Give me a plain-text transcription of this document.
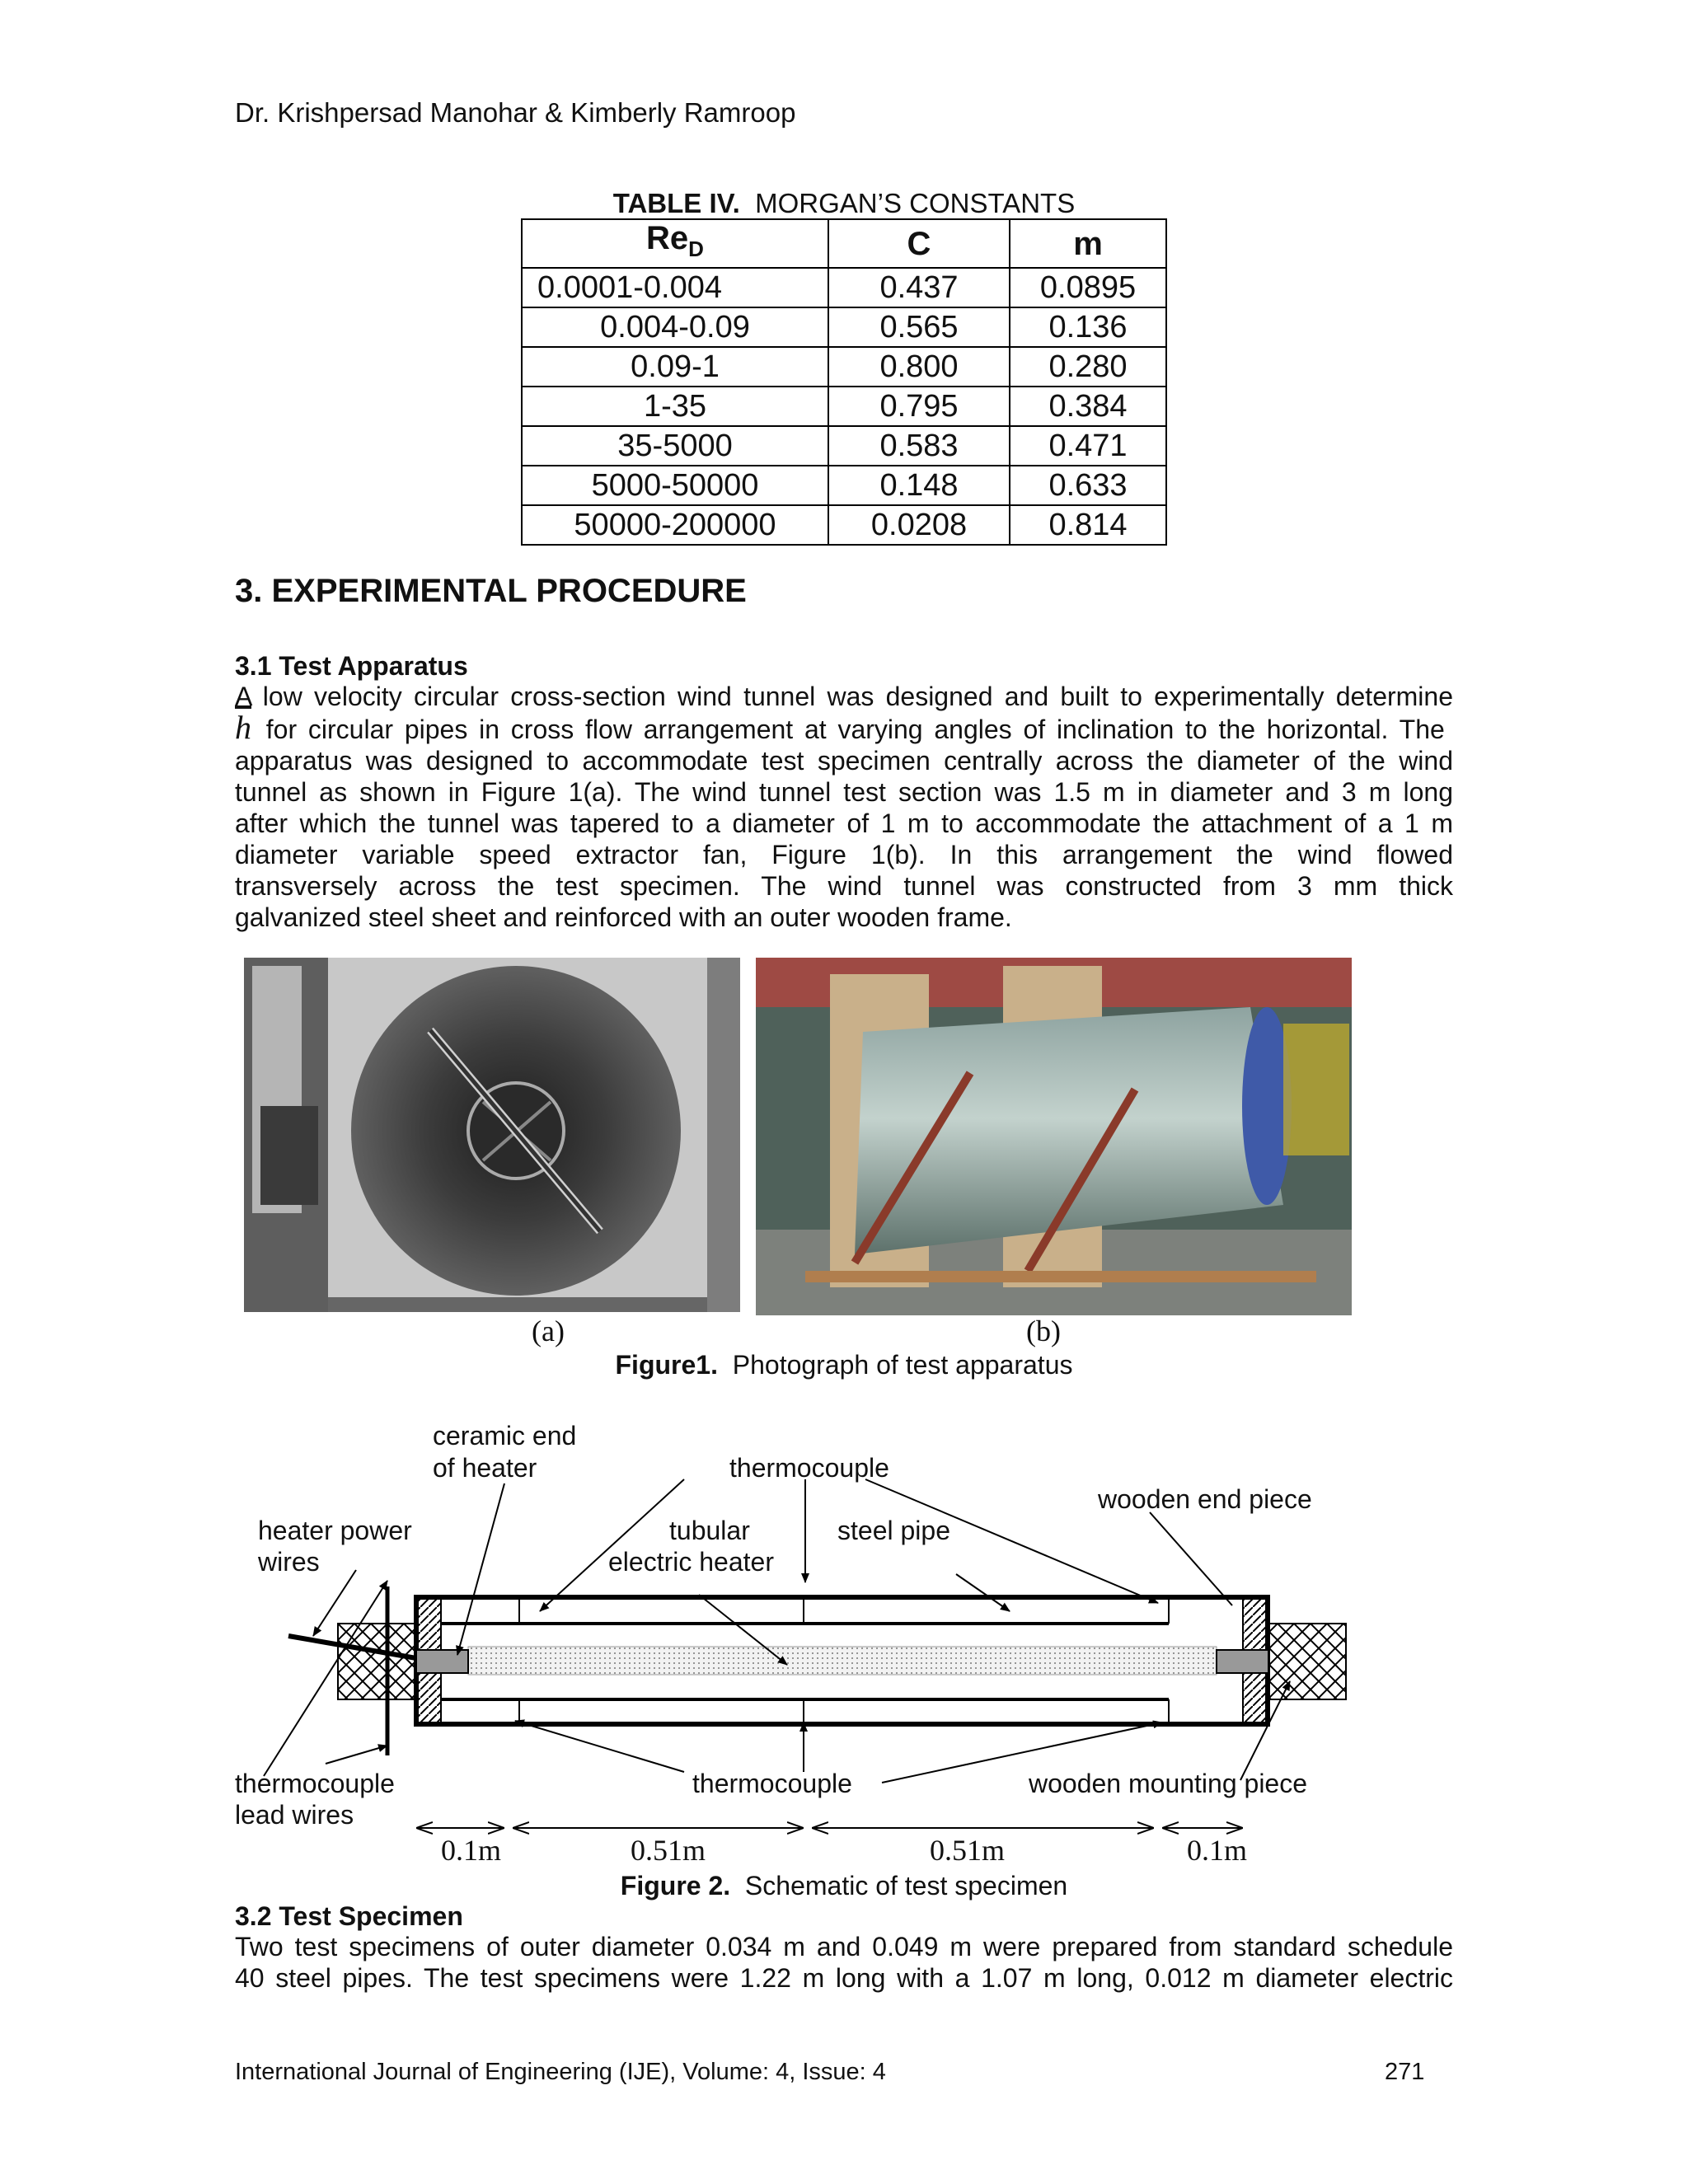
Dr. Krishpersad Manohar & Kimberly Ramroop
TABLE IV. MORGAN’S CONSTANTS
$Re_D$	C	m
0.0001-0.004	0.437	0.0895
0.004-0.09	0.565	0.136
0.09-1	0.800	0.280
1-35	0.795	0.384
35-5000	0.583	0.471
5000-50000	0.148	0.633
50000-200000	0.0208	0.814
3. EXPERIMENTAL PROCEDURE
3.1 Test Apparatus
A low velocity circular cross-section wind tunnel was designed and built to experimentally determine
$\overline{h}$ for circular pipes in cross flow arrangement at varying angles of inclination to the horizontal. The
apparatus was designed to accommodate test specimen centrally across the diameter of the wind
tunnel as shown in Figure 1(a). The wind tunnel test section was 1.5 m in diameter and 3 m long
after which the tunnel was tapered to a diameter of 1 m to accommodate the attachment of a 1 m
diameter variable speed extractor fan, Figure 1(b). In this arrangement the wind flowed
transversely across the test specimen. The wind tunnel was constructed from 3 mm thick
galvanized steel sheet and reinforced with an outer wooden frame.
(a)	(b)
Figure1. Photograph of test apparatus
ceramic end
of heater	thermocouple
wooden end piece
heater power
wires
tubular
electric heater
steel pipe
thermocouple
lead wires
thermocouple	wooden mounting piece
0.1m	0.51m	0.51m	0.1m
Figure 2. Schematic of test specimen
3.2 Test Specimen
Two test specimens of outer diameter 0.034 m and 0.049 m were prepared from standard schedule
40 steel pipes. The test specimens were 1.22 m long with a 1.07 m long, 0.012 m diameter electric
International Journal of Engineering (IJE), Volume: 4, Issue: 4	271
